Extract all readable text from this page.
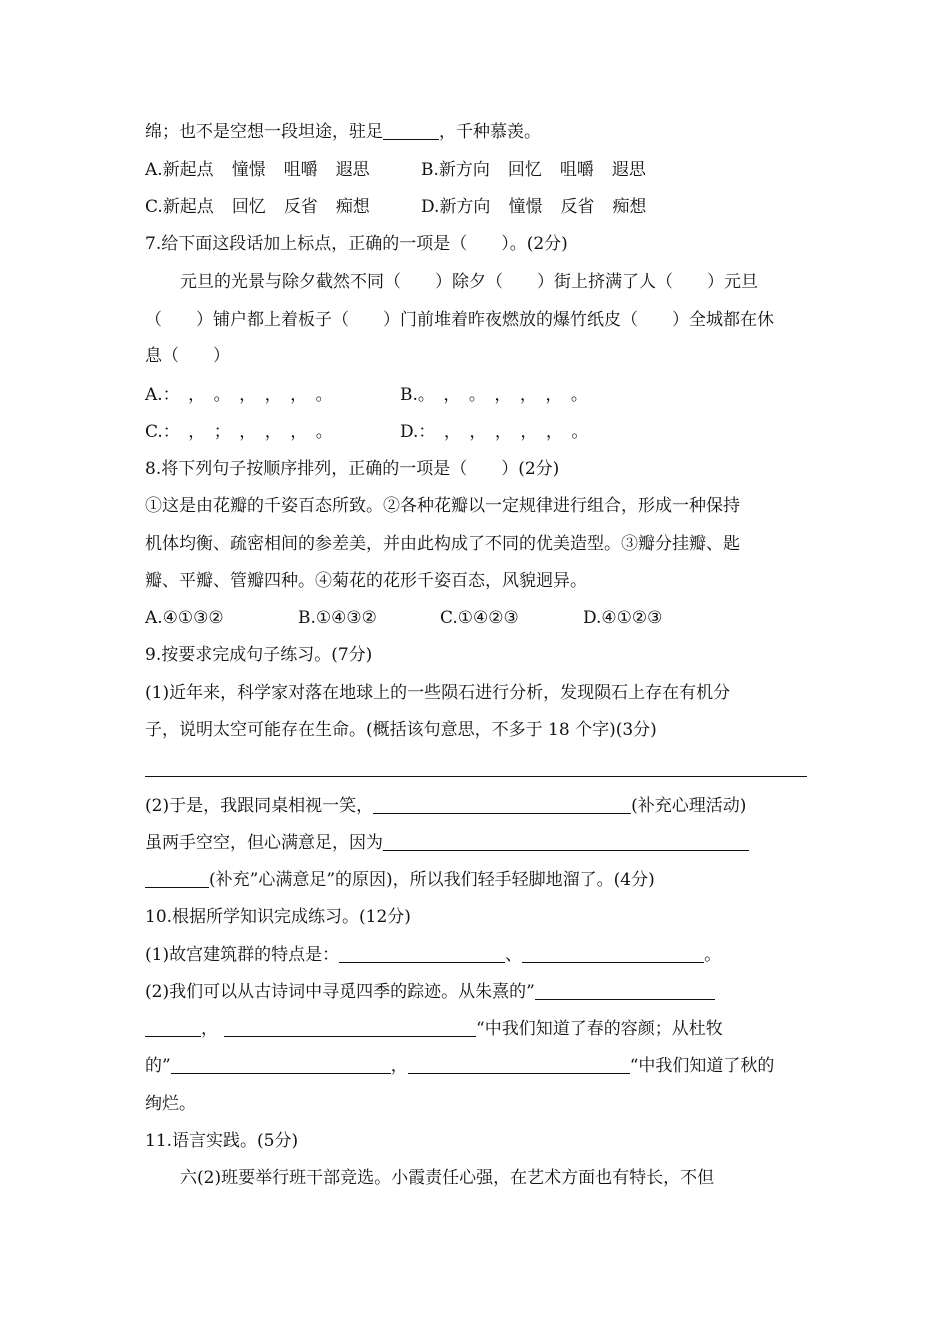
绵；也不是空想一段坦途，驻足	，千种慕羡。
A.新起点 憧憬 咀嚼 遐思	B.新方向 回忆 咀嚼 遐思
C.新起点 回忆 反省 痴想	D.新方向 憧憬 反省 痴想
7.给下面这段话加上标点，正确的一项是（　　）。(2分)
元旦的光景与除夕截然不同（　　）除夕（　　）街上挤满了人（　　）元旦
（　　）铺户都上着板子（　　）门前堆着昨夜燃放的爆竹纸皮（　　）全城都在休
息（　　）
A.：　，　。　，　，　，　。	B.。　，　。　，　，　，　。
C.：　，　；　，　，　，　。	D.：　，　，　，　，　，　。
8.将下列句子按顺序排列，正确的一项是（　　）(2分)
①这是由花瓣的千姿百态所致。②各种花瓣以一定规律进行组合，形成一种保持
机体均衡、疏密相间的参差美，并由此构成了不同的优美造型。③瓣分挂瓣、匙
瓣、平瓣、管瓣四种。④菊花的花形千姿百态，风貌迥异。
A.④①③②	B.①④③②	C.①④②③	D.④①②③
9.按要求完成句子练习。(7分)
(1)近年来，科学家对落在地球上的一些陨石进行分析，发现陨石上存在有机分
子，说明太空可能存在生命。(概括该句意思，不多于 18 个字)(3分)
(2)于是，我跟同桌相视一笑，	(补充心理活动)
虽两手空空，但心满意足，因为
(补充”心满意足”的原因)，所以我们轻手轻脚地溜了。(4分)
10.根据所学知识完成练习。(12分)
(1)故宫建筑群的特点是：	、	。
(2)我们可以从古诗词中寻觅四季的踪迹。从朱熹的”
，	“中我们知道了春的容颜；从杜牧
的”	，	“中我们知道了秋的
绚烂。
11.语言实践。(5分)
六(2)班要举行班干部竞选。小霞责任心强，在艺术方面也有特长，不但
